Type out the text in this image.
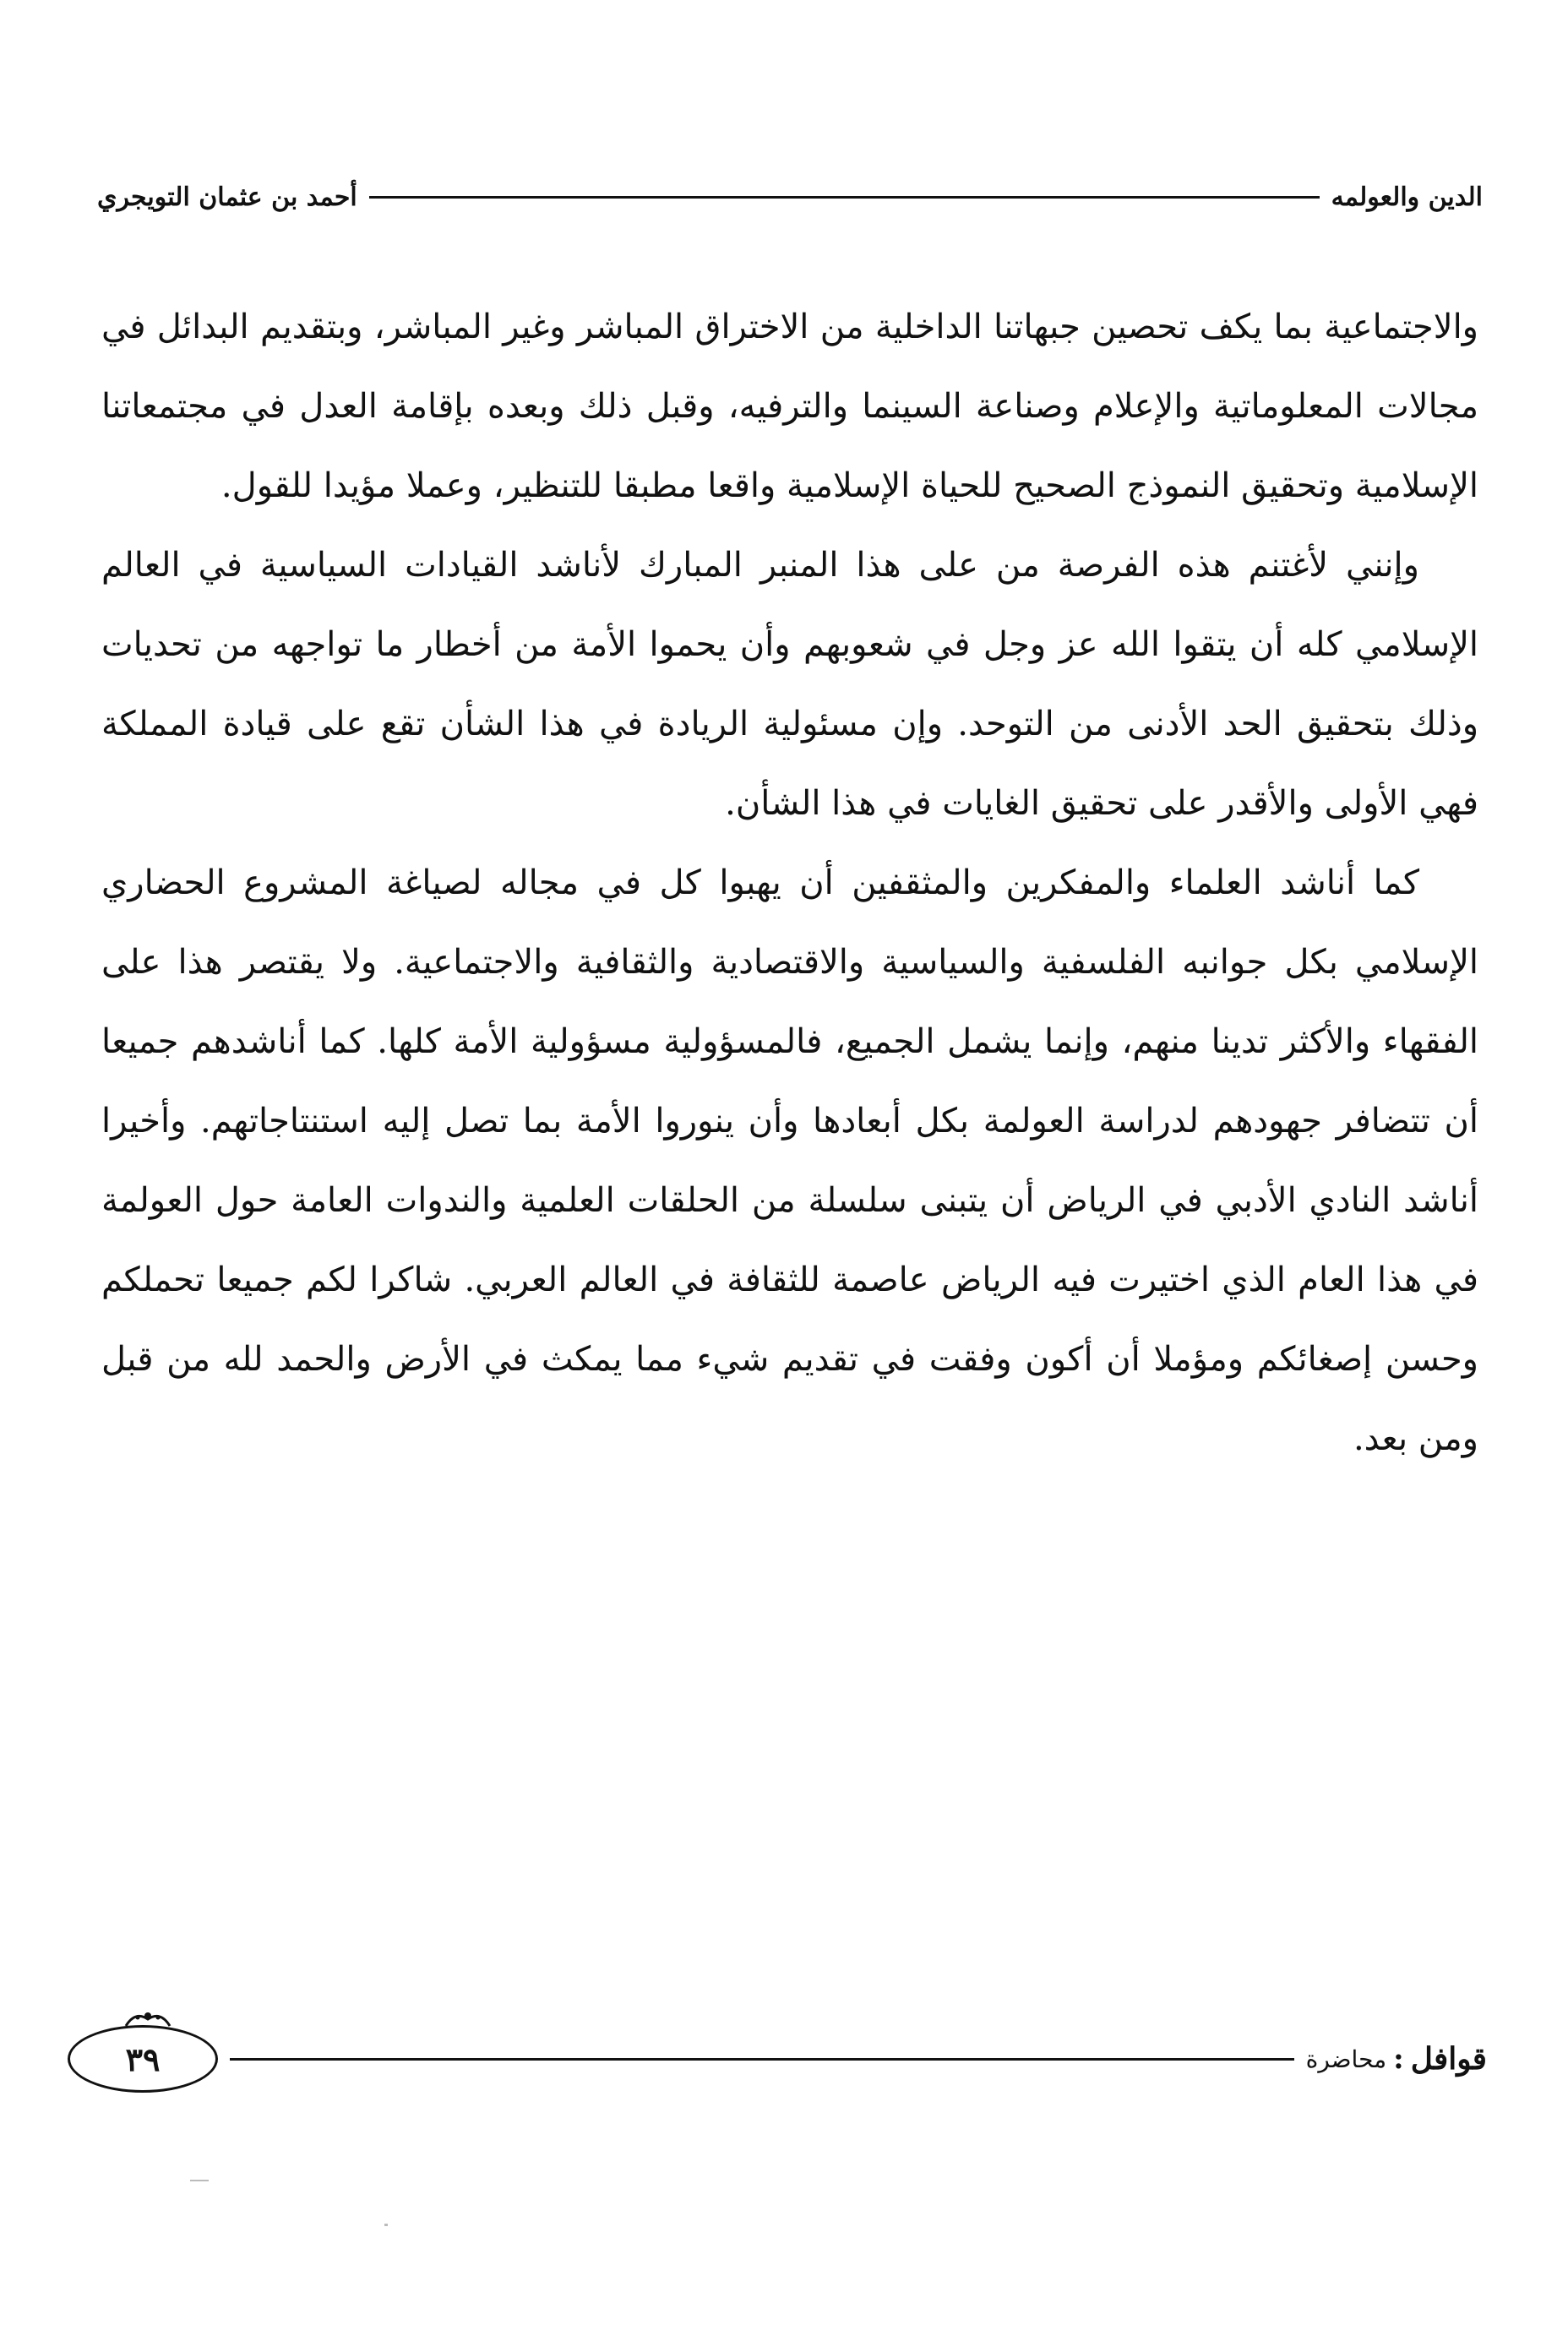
الدين والعولمه
أحمد بن عثمان التويجري

والاجتماعية بما يكف تحصين جبهاتنا الداخلية من الاختراق المباشر وغير المباشر، وبتقديم البدائل في مجالات المعلوماتية والإعلام وصناعة السينما والترفيه، وقبل ذلك وبعده بإقامة العدل في مجتمعاتنا الإسلامية وتحقيق النموذج الصحيح للحياة الإسلامية واقعا مطبقا للتنظير، وعملا مؤيدا للقول.

وإنني لأغتنم هذه الفرصة من على هذا المنبر المبارك لأناشد القيادات السياسية في العالم الإسلامي كله أن يتقوا الله عز وجل في شعوبهم وأن يحموا الأمة من أخطار ما تواجهه من تحديات وذلك بتحقيق الحد الأدنى من التوحد. وإن مسئولية الريادة في هذا الشأن تقع على قيادة المملكة فهي الأولى والأقدر على تحقيق الغايات في هذا الشأن.

كما أناشد العلماء والمفكرين والمثقفين أن يهبوا كل في مجاله لصياغة المشروع الحضاري الإسلامي بكل جوانبه الفلسفية والسياسية والاقتصادية والثقافية والاجتماعية. ولا يقتصر هذا على الفقهاء والأكثر تدينا منهم، وإنما يشمل الجميع، فالمسؤولية مسؤولية الأمة كلها. كما أناشدهم جميعا أن تتضافر جهودهم لدراسة العولمة بكل أبعادها وأن ينوروا الأمة بما تصل إليه استنتاجاتهم. وأخيرا أناشد النادي الأدبي في الرياض أن يتبنى سلسلة من الحلقات العلمية والندوات العامة حول العولمة في هذا العام الذي اختيرت فيه الرياض عاصمة للثقافة في العالم العربي. شاكرا لكم جميعا تحملكم وحسن إصغائكم ومؤملا أن أكون وفقت في تقديم شيء مما يمكث في الأرض والحمد لله من قبل ومن بعد.

قوافل
:
محاضرة
٣٩
